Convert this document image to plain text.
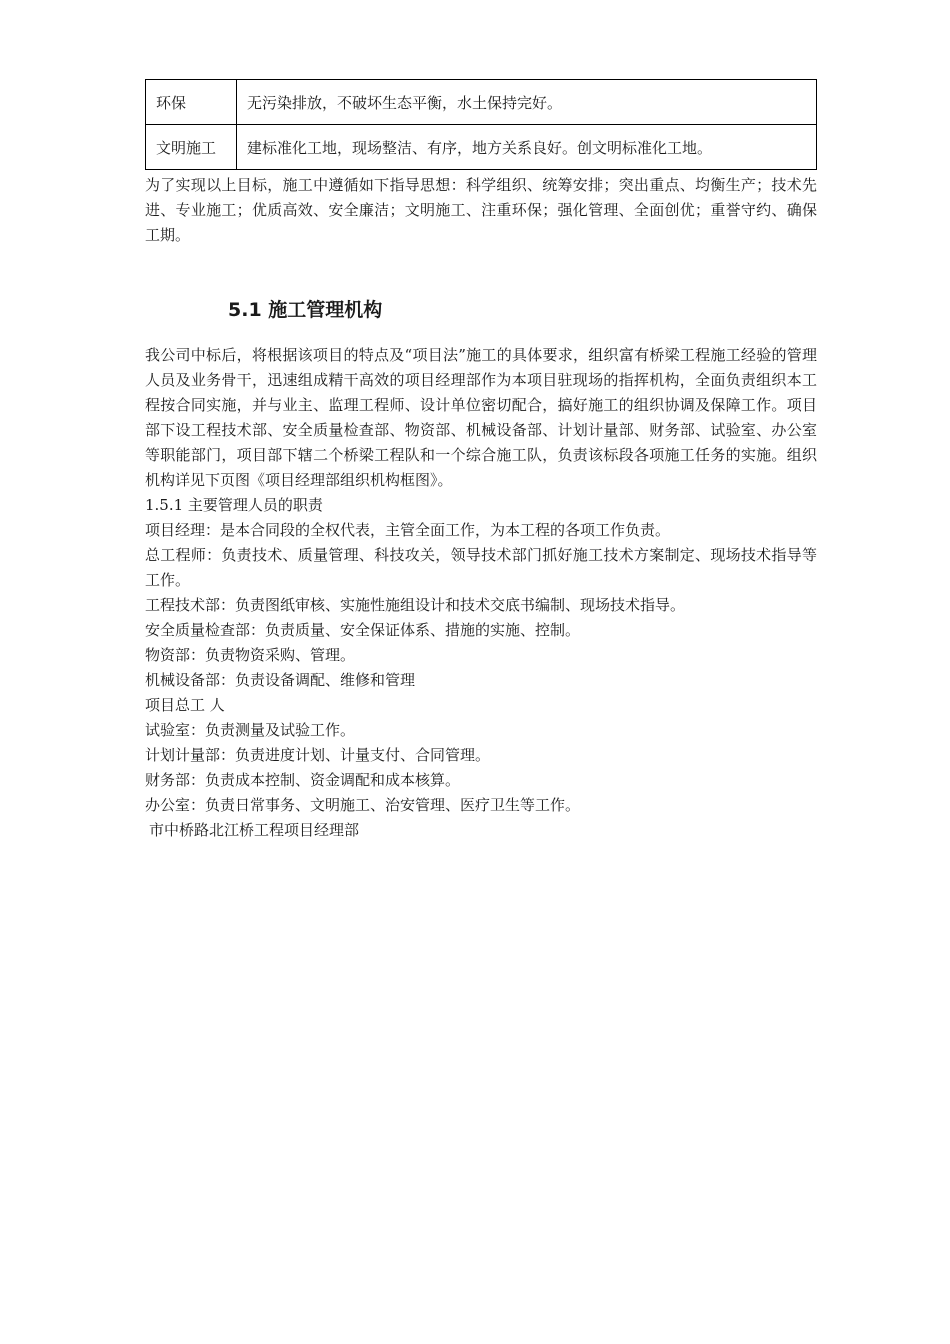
环保	无污染排放，不破坏生态平衡，水土保持完好。
文明施工	建标准化工地，现场整洁、有序，地方关系良好。创文明标准化工地。

为了实现以上目标，施工中遵循如下指导思想：科学组织、统筹安排；突出重点、均衡生产；技术先进、专业施工；优质高效、安全廉洁；文明施工、注重环保；强化管理、全面创优；重誉守约、确保工期。

5.1 施工管理机构

我公司中标后，将根据该项目的特点及“项目法”施工的具体要求，组织富有桥梁工程施工经验的管理人员及业务骨干，迅速组成精干高效的项目经理部作为本项目驻现场的指挥机构，全面负责组织本工程按合同实施，并与业主、监理工程师、设计单位密切配合，搞好施工的组织协调及保障工作。项目部下设工程技术部、安全质量检查部、物资部、机械设备部、计划计量部、财务部、试验室、办公室等职能部门，项目部下辖二个桥梁工程队和一个综合施工队，负责该标段各项施工任务的实施。组织机构详见下页图《项目经理部组织机构框图》。

1.5.1 主要管理人员的职责

项目经理：是本合同段的全权代表，主管全面工作，为本工程的各项工作负责。

总工程师：负责技术、质量管理、科技攻关，领导技术部门抓好施工技术方案制定、现场技术指导等工作。

工程技术部：负责图纸审核、实施性施组设计和技术交底书编制、现场技术指导。

安全质量检查部：负责质量、安全保证体系、措施的实施、控制。

物资部：负责物资采购、管理。

机械设备部：负责设备调配、维修和管理

项目总工 人

试验室：负责测量及试验工作。

计划计量部：负责进度计划、计量支付、合同管理。

财务部：负责成本控制、资金调配和成本核算。

办公室：负责日常事务、文明施工、治安管理、医疗卫生等工作。

市中桥路北江桥工程项目经理部
